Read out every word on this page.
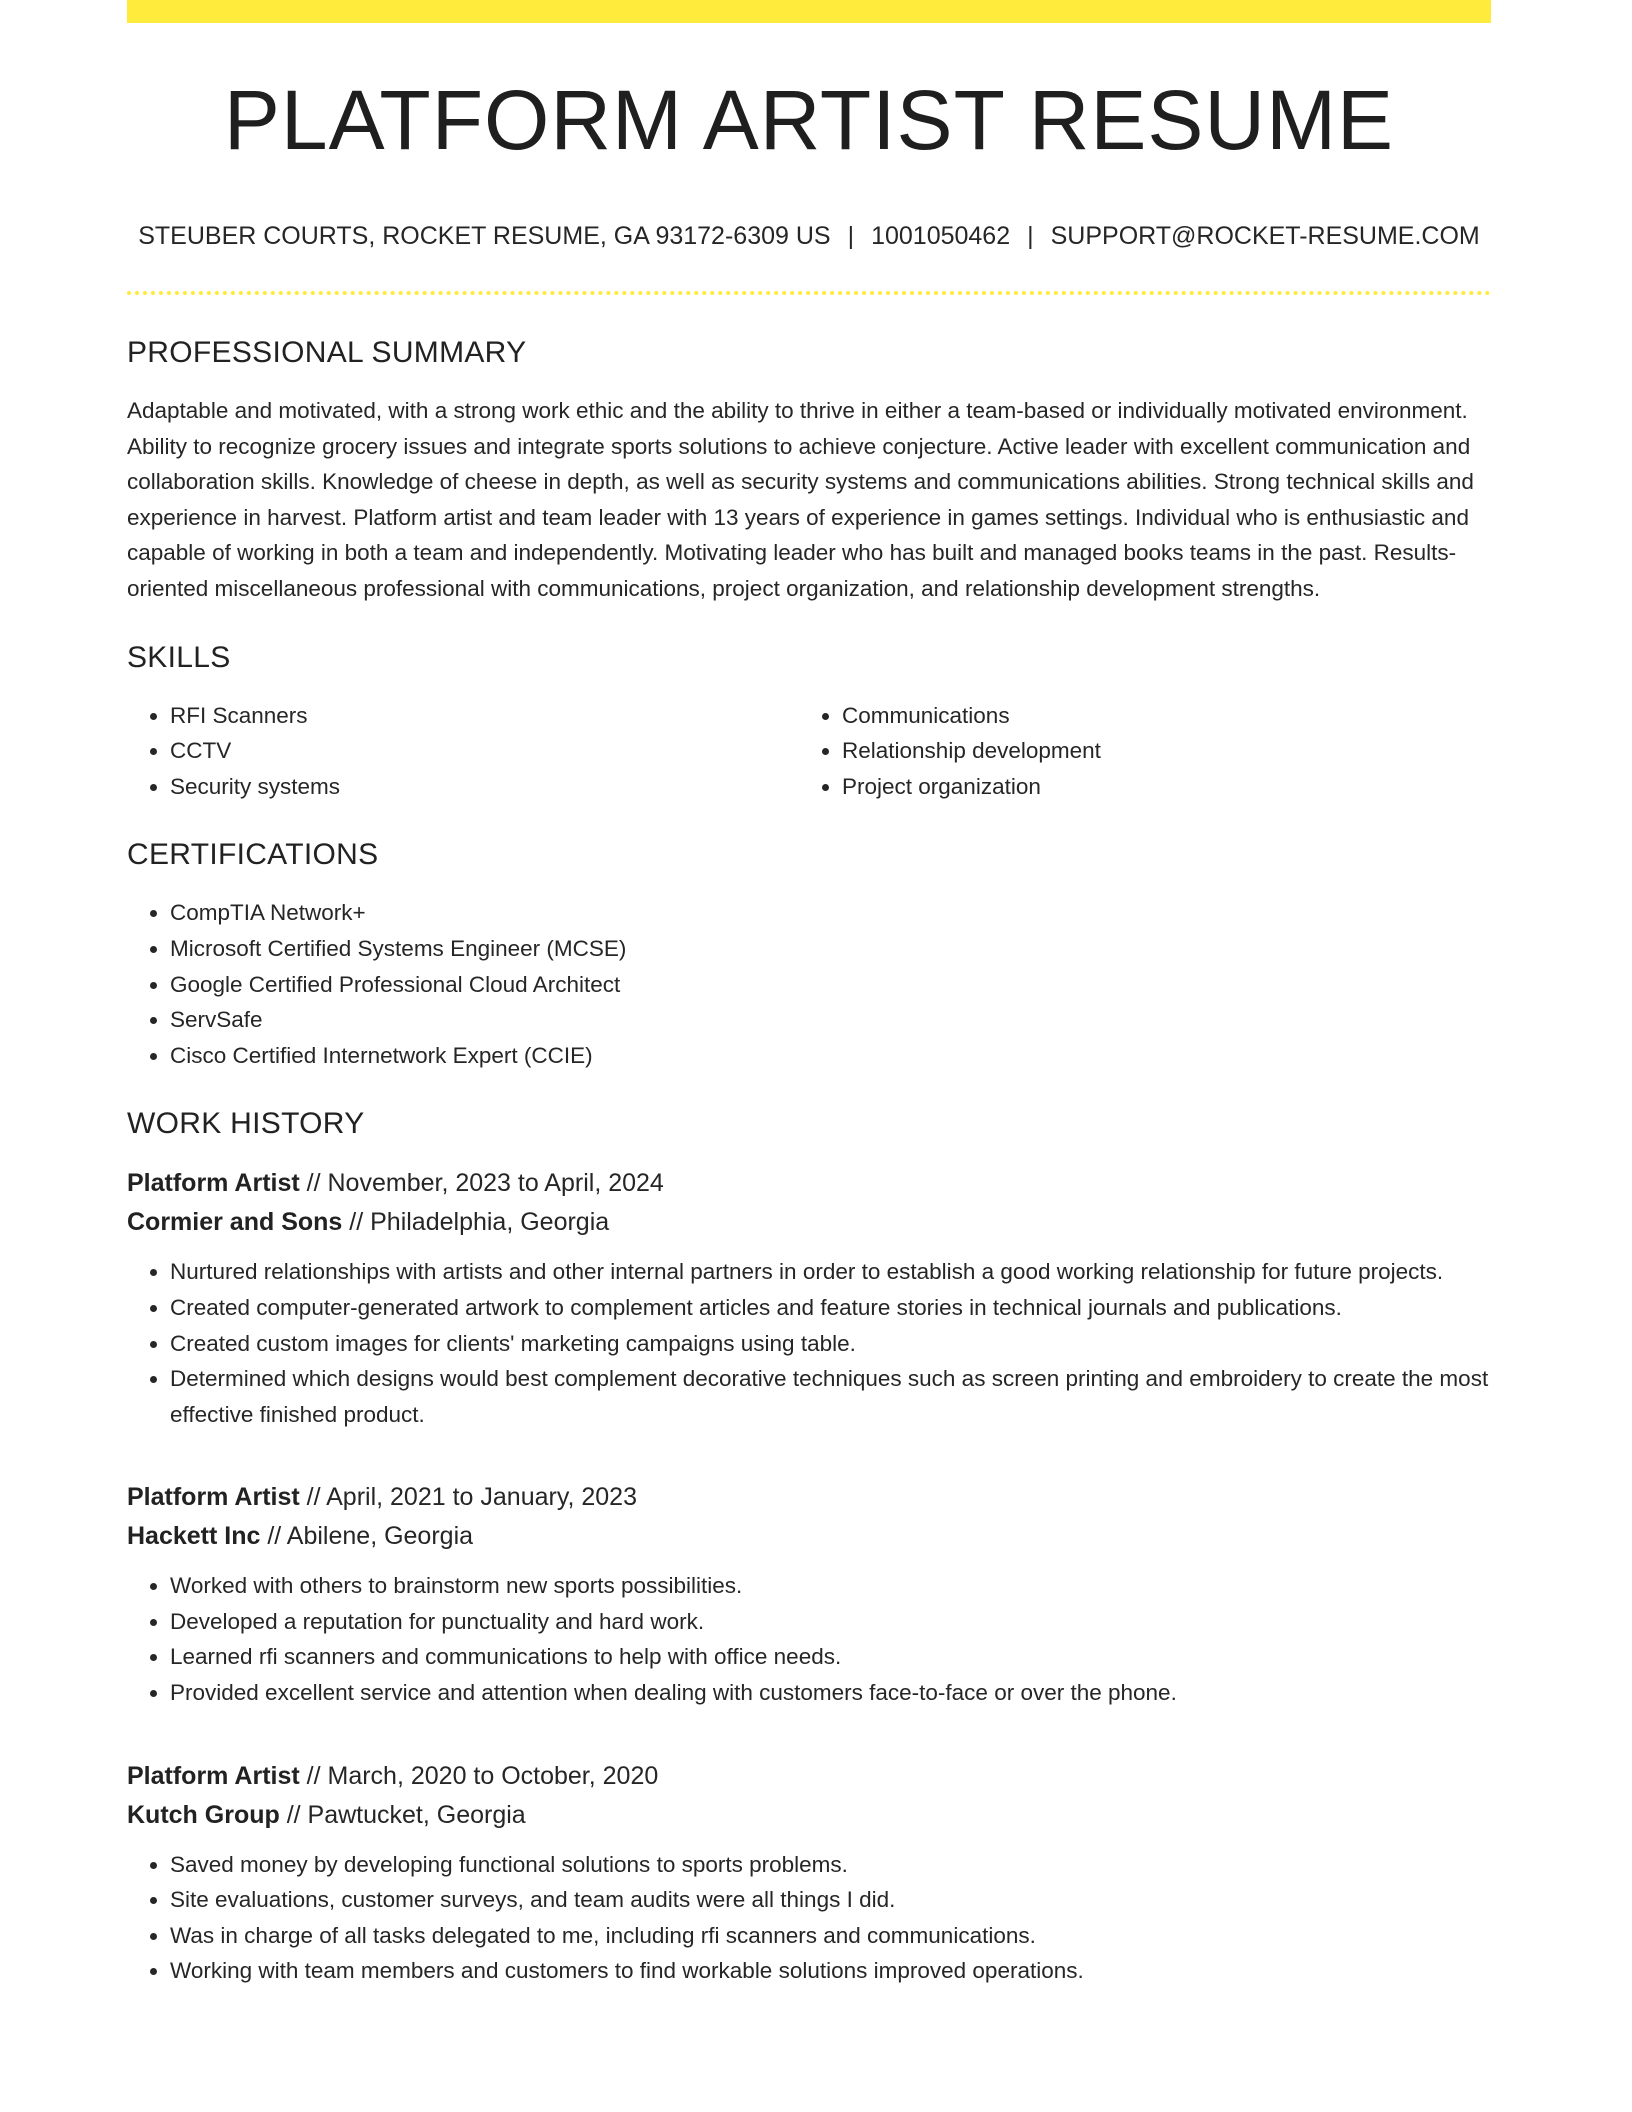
PLATFORM ARTIST RESUME
STEUBER COURTS, ROCKET RESUME, GA 93172-6309 US | 1001050462 | SUPPORT@ROCKET-RESUME.COM
PROFESSIONAL SUMMARY
Adaptable and motivated, with a strong work ethic and the ability to thrive in either a team-based or individually motivated environment. Ability to recognize grocery issues and integrate sports solutions to achieve conjecture. Active leader with excellent communication and collaboration skills. Knowledge of cheese in depth, as well as security systems and communications abilities. Strong technical skills and experience in harvest. Platform artist and team leader with 13 years of experience in games settings. Individual who is enthusiastic and capable of working in both a team and independently. Motivating leader who has built and managed books teams in the past. Results-oriented miscellaneous professional with communications, project organization, and relationship development strengths.
SKILLS
• RFI Scanners
• CCTV
• Security systems
• Communications
• Relationship development
• Project organization
CERTIFICATIONS
• CompTIA Network+
• Microsoft Certified Systems Engineer (MCSE)
• Google Certified Professional Cloud Architect
• ServSafe
• Cisco Certified Internetwork Expert (CCIE)
WORK HISTORY
Platform Artist // November, 2023 to April, 2024
Cormier and Sons // Philadelphia, Georgia
• Nurtured relationships with artists and other internal partners in order to establish a good working relationship for future projects.
• Created computer-generated artwork to complement articles and feature stories in technical journals and publications.
• Created custom images for clients' marketing campaigns using table.
• Determined which designs would best complement decorative techniques such as screen printing and embroidery to create the most effective finished product.
Platform Artist // April, 2021 to January, 2023
Hackett Inc // Abilene, Georgia
• Worked with others to brainstorm new sports possibilities.
• Developed a reputation for punctuality and hard work.
• Learned rfi scanners and communications to help with office needs.
• Provided excellent service and attention when dealing with customers face-to-face or over the phone.
Platform Artist // March, 2020 to October, 2020
Kutch Group // Pawtucket, Georgia
• Saved money by developing functional solutions to sports problems.
• Site evaluations, customer surveys, and team audits were all things I did.
• Was in charge of all tasks delegated to me, including rfi scanners and communications.
• Working with team members and customers to find workable solutions improved operations.
